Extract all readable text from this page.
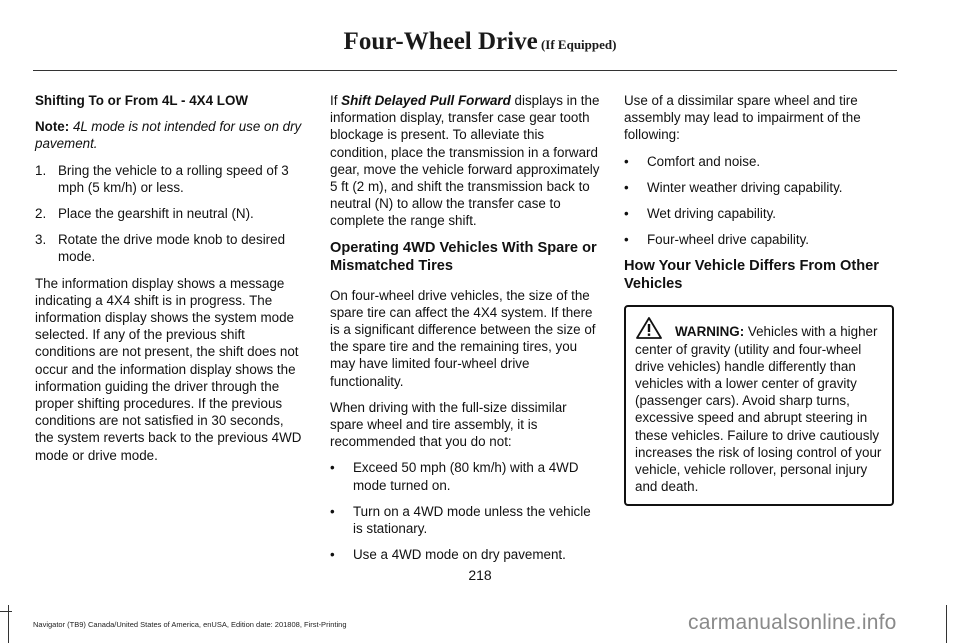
Four-Wheel Drive (If Equipped)
Shifting To or From 4L - 4X4 LOW

Note: 4L mode is not intended for use on dry pavement.

1. Bring the vehicle to a rolling speed of 3 mph (5 km/h) or less.
2. Place the gearshift in neutral (N).
3. Rotate the drive mode knob to desired mode.

The information display shows a message indicating a 4X4 shift is in progress. The information display shows the system mode selected. If any of the previous shift conditions are not present, the shift does not occur and the information display shows the information guiding the driver through the proper shifting procedures. If the previous conditions are not satisfied in 30 seconds, the system reverts back to the previous 4WD mode or drive mode.

If Shift Delayed Pull Forward displays in the information display, transfer case gear tooth blockage is present. To alleviate this condition, place the transmission in a forward gear, move the vehicle forward approximately 5 ft (2 m), and shift the transmission back to neutral (N) to allow the transfer case to complete the range shift.

Operating 4WD Vehicles With Spare or Mismatched Tires

On four-wheel drive vehicles, the size of the spare tire can affect the 4X4 system. If there is a significant difference between the size of the spare tire and the remaining tires, you may have limited four-wheel drive functionality.

When driving with the full-size dissimilar spare wheel and tire assembly, it is recommended that you do not:

• Exceed 50 mph (80 km/h) with a 4WD mode turned on.
• Turn on a 4WD mode unless the vehicle is stationary.
• Use a 4WD mode on dry pavement.

Use of a dissimilar spare wheel and tire assembly may lead to impairment of the following:

• Comfort and noise.
• Winter weather driving capability.
• Wet driving capability.
• Four-wheel drive capability.
How Your Vehicle Differs From Other Vehicles
WARNING: Vehicles with a higher center of gravity (utility and four-wheel drive vehicles) handle differently than vehicles with a lower center of gravity (passenger cars). Avoid sharp turns, excessive speed and abrupt steering in these vehicles. Failure to drive cautiously increases the risk of losing control of your vehicle, vehicle rollover, personal injury and death.
218
Navigator (TB9) Canada/United States of America, enUSA, Edition date: 201808, First-Printing	carmanualsonline.info
